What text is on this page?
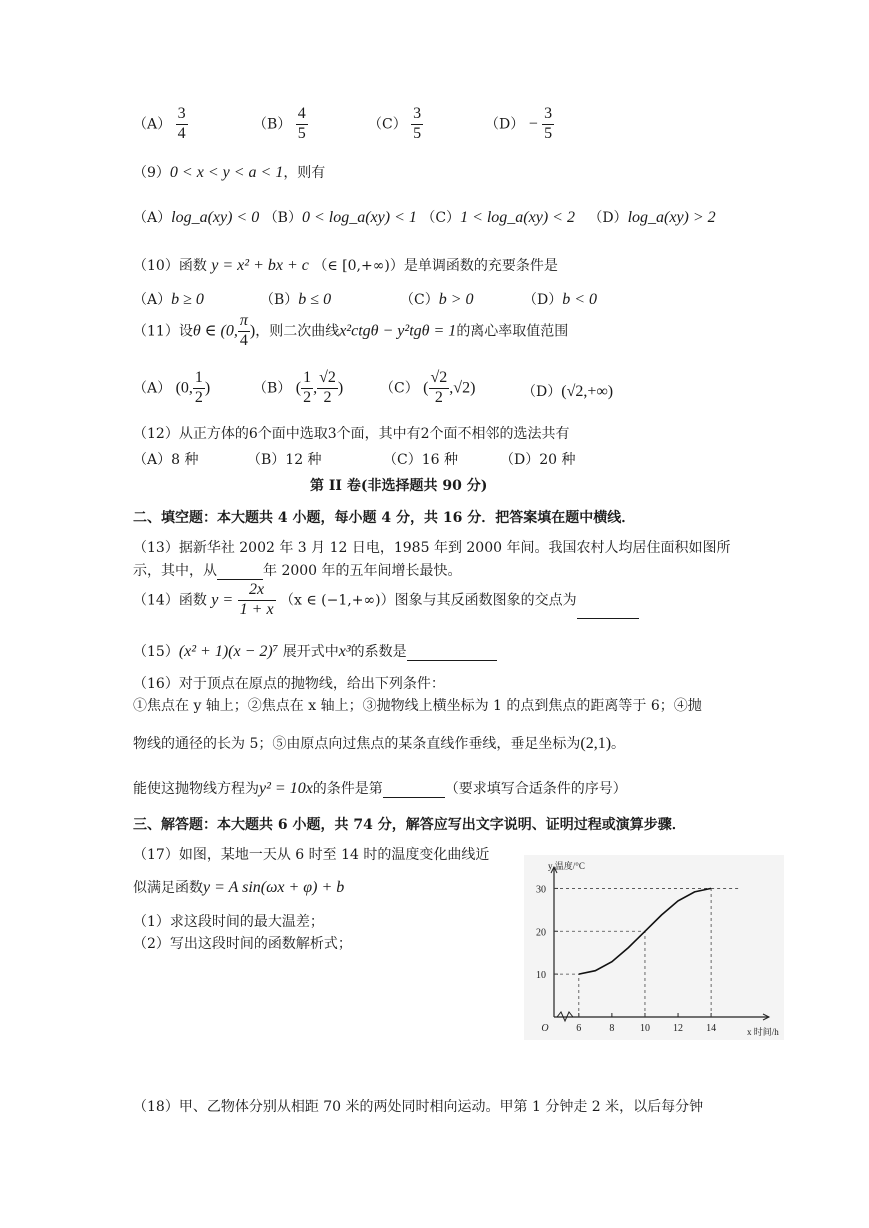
$(A) \frac{3}{4}$	$(B) \frac{4}{5}$	$(C) \frac{3}{5}$	$(D) - \frac{3}{5}$
（9）0 < x < y < a < 1，则有
（A）log_a(xy) < 0 （B）0 < log_a(xy) < 1 （C）1 < log_a(xy) < 2 （D）log_a(xy) > 2
（10）函数 y = x² + bx + c （∈ [0,+∞)）是单调函数的充要条件是
（A）b ≥ 0	（B）b ≤ 0	（C）b > 0	（D）b < 0
（11）设θ ∈ (0, $\frac{\pi}{4}$ )，则二次曲线x²ctgθ − y²tgθ = 1的离心率取值范围
（A） (0, $\frac{1}{2}$ )	（B） ( $\frac{1}{2}$ , $\frac{√2}{2}$ )	（C） ( $\frac{√2}{2} ,√2$)	（D）(√2,+∞)
（12）从正方体的6个面中选取3个面，其中有2个面不相邻的选法共有
（A）8 种	（B）12 种	（C）16 种	（D）20 种
第 II 卷(非选择题共 90 分)
二、填空题：本大题共 4 小题，每小题 4 分，共 16 分．把答案填在题中横线．
（13）据新华社 2002 年 3 月 12 日电，1985 年到 2000 年间。我国农村人均居住面积如图所
示，其中，从	年 2000 年的五年间增长最快。
（14）函数 $y = \frac{2x}{1 + x} (x$ ∈ (−1,+∞)）图象与其反函数图象的交点为
（15）(x² + 1)(x − 2)⁷ 展开式中x³的系数是
（16）对于顶点在原点的抛物线，给出下列条件：
①焦点在 y 轴上；②焦点在 x 轴上；③抛物线上横坐标为 1 的点到焦点的距离等于 6；④抛
物线的通径的长为 5；⑤由原点向过焦点的某条直线作垂线，垂足坐标为(2,1)。
能使这抛物线方程为y² = 10x的条件是第	（要求填写合适条件的序号）
三、解答题：本大题共 6 小题，共 74 分，解答应写出文字说明、证明过程或演算步骤．
（17）如图，某地一天从 6 时至 14 时的温度变化曲线近
似满足函数y = A sin(ωx + φ) + b
（1）求这段时间的最大温差；
（2）写出这段时间的函数解析式；
y 温度/°C
x 时间/h
O	6	8	10 12 14
10
20
30
（18）甲、乙物体分别从相距 70 米的两处同时相向运动。甲第 1 分钟走 2 米，以后每分钟
